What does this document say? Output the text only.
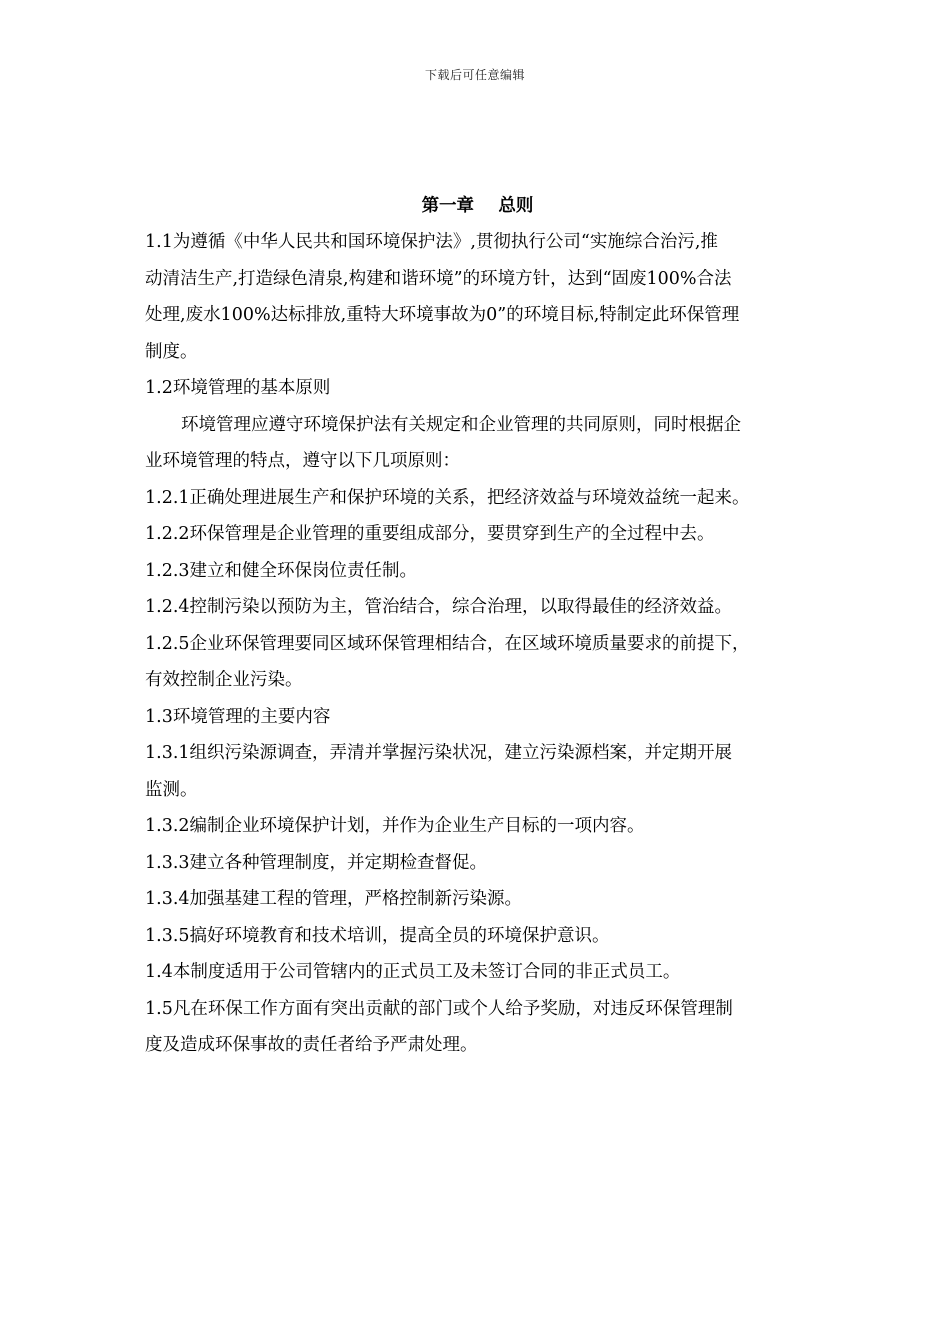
下载后可任意编辑
第一章    总则

1.1为遵循《中华人民共和国环境保护法》,贯彻执行公司“实施综合治污,推
动清洁生产,打造绿色清泉,构建和谐环境”的环境方针，达到“固废100%合法
处理,废水100%达标排放,重特大环境事故为0”的环境目标,特制定此环保管理
制度。

1.2环境管理的基本原则

环境管理应遵守环境保护法有关规定和企业管理的共同原则，同时根据企
业环境管理的特点，遵守以下几项原则：

1.2.1正确处理进展生产和保护环境的关系，把经济效益与环境效益统一起来。

1.2.2环保管理是企业管理的重要组成部分，要贯穿到生产的全过程中去。

1.2.3建立和健全环保岗位责任制。

1.2.4控制污染以预防为主，管治结合，综合治理，以取得最佳的经济效益。

1.2.5企业环保管理要同区域环保管理相结合，在区域环境质量要求的前提下，
有效控制企业污染。

1.3环境管理的主要内容

1.3.1组织污染源调查，弄清并掌握污染状况，建立污染源档案，并定期开展
监测。

1.3.2编制企业环境保护计划，并作为企业生产目标的一项内容。

1.3.3建立各种管理制度，并定期检查督促。

1.3.4加强基建工程的管理，严格控制新污染源。

1.3.5搞好环境教育和技术培训，提高全员的环境保护意识。

1.4本制度适用于公司管辖内的正式员工及未签订合同的非正式员工。

1.5凡在环保工作方面有突出贡献的部门或个人给予奖励，对违反环保管理制
度及造成环保事故的责任者给予严肃处理。
